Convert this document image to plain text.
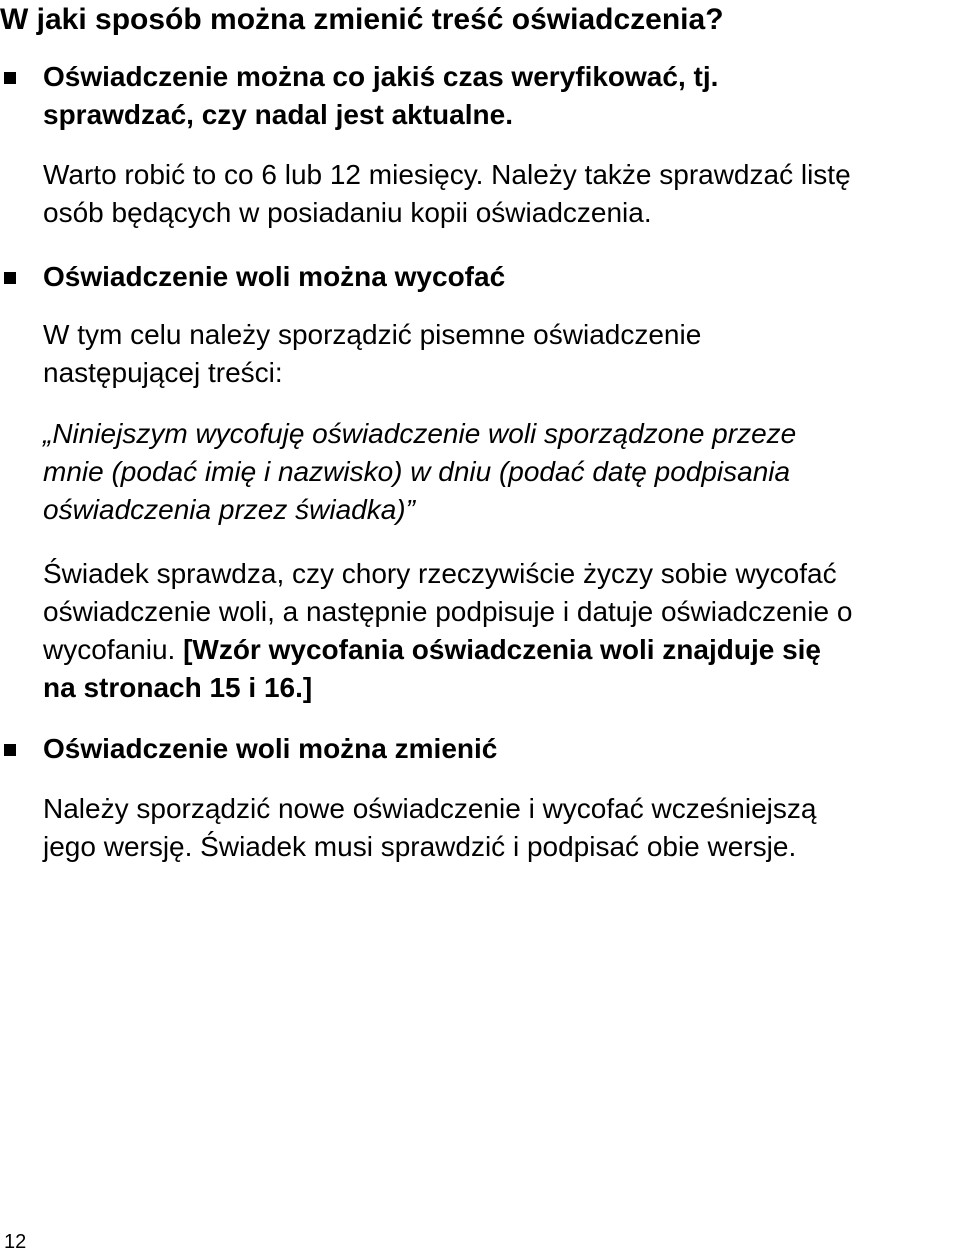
W jaki sposób można zmienić treść oświadczenia?
Oświadczenie można co jakiś czas weryfikować, tj.
sprawdzać, czy nadal jest aktualne.
Warto robić to co 6 lub 12 miesięcy. Należy także sprawdzać listę
osób będących w posiadaniu kopii oświadczenia.
Oświadczenie woli można wycofać
W tym celu należy sporządzić pisemne oświadczenie
następującej treści:
„Niniejszym wycofuję oświadczenie woli sporządzone przeze
mnie (podać imię i nazwisko) w dniu (podać datę podpisania
oświadczenia przez świadka)”
Świadek sprawdza, czy chory rzeczywiście życzy sobie wycofać
oświadczenie woli, a następnie podpisuje i datuje oświadczenie o
wycofaniu. [Wzór wycofania oświadczenia woli znajduje się
na stronach 15 i 16.]
Oświadczenie woli można zmienić
Należy sporządzić nowe oświadczenie i wycofać wcześniejszą
jego wersję. Świadek musi sprawdzić i podpisać obie wersje.
12
